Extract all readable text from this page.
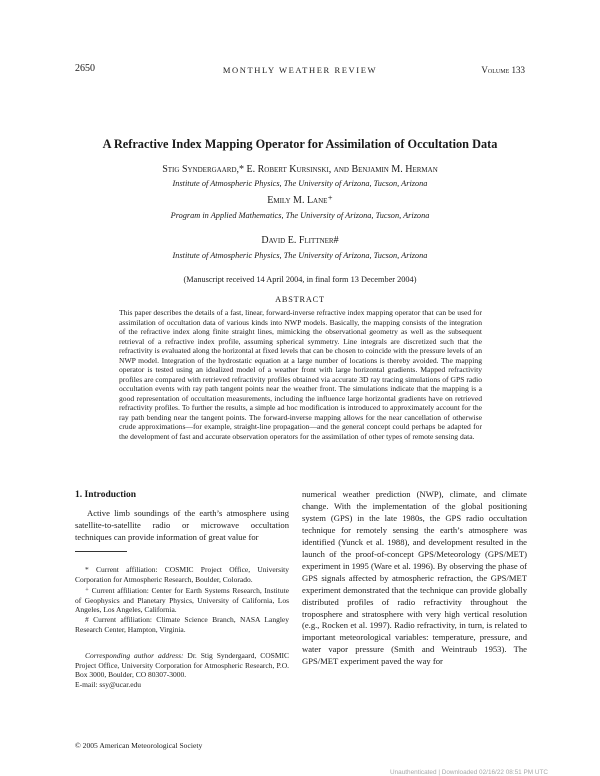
2650	MONTHLY WEATHER REVIEW	Volume 133
A Refractive Index Mapping Operator for Assimilation of Occultation Data
Stig Syndergaard,* E. Robert Kursinski, and Benjamin M. Herman
Institute of Atmospheric Physics, The University of Arizona, Tucson, Arizona
Emily M. Lane⁺
Program in Applied Mathematics, The University of Arizona, Tucson, Arizona
David E. Flittner#
Institute of Atmospheric Physics, The University of Arizona, Tucson, Arizona
(Manuscript received 14 April 2004, in final form 13 December 2004)
ABSTRACT
This paper describes the details of a fast, linear, forward-inverse refractive index mapping operator that can be used for assimilation of occultation data of various kinds into NWP models. Basically, the mapping consists of the integration of the refractive index along finite straight lines, mimicking the observational geometry as well as the subsequent retrieval of a refractive index profile, assuming spherical symmetry. Line integrals are discretized such that the refractivity is evaluated along the horizontal at fixed levels that can be chosen to coincide with the pressure levels of an NWP model. Integration of the hydrostatic equation at a large number of locations is thereby avoided. The mapping operator is tested using an idealized model of a weather front with large horizontal gradients. Mapped refractivity profiles are compared with retrieved refractivity profiles obtained via accurate 3D ray tracing simulations of GPS radio occultation events with ray path tangent points near the weather front. The simulations indicate that the mapping is a good representation of occultation measurements, including the influence large horizontal gradients have on retrieved refractivity profiles. To further the results, a simple ad hoc modification is introduced to approximately account for the ray path bending near the tangent points. The forward-inverse mapping allows for the near cancellation of otherwise crude approximations—for example, straight-line propagation—and the general concept could perhaps be adapted for the development of fast and accurate observation operators for the assimilation of other types of remote sensing data.
1. Introduction
Active limb soundings of the earth’s atmosphere using satellite-to-satellite radio or microwave occultation techniques can provide information of great value for
* Current affiliation: COSMIC Project Office, University Corporation for Atmospheric Research, Boulder, Colorado.
⁺ Current affiliation: Center for Earth Systems Research, Institute of Geophysics and Planetary Physics, University of California, Los Angeles, Los Angeles, California.
# Current affiliation: Climate Science Branch, NASA Langley Research Center, Hampton, Virginia.
Corresponding author address: Dr. Stig Syndergaard, COSMIC Project Office, University Corporation for Atmospheric Research, P.O. Box 3000, Boulder, CO 80307-3000.
E-mail: ssy@ucar.edu
numerical weather prediction (NWP), climate, and climate change. With the implementation of the global positioning system (GPS) in the late 1980s, the GPS radio occultation technique for remotely sensing the earth’s atmosphere was identified (Yunck et al. 1988), and development resulted in the launch of the proof-of-concept GPS/Meteorology (GPS/MET) experiment in 1995 (Ware et al. 1996). By observing the phase of GPS signals affected by atmospheric refraction, the GPS/MET experiment demonstrated that the technique can provide globally distributed profiles of radio refractivity throughout the troposphere and stratosphere with very high vertical resolution (e.g., Rocken et al. 1997). Radio refractivity, in turn, is related to important meteorological variables: temperature, pressure, and water vapor pressure (Smith and Weintraub 1953). The GPS/MET experiment paved the way for
© 2005 American Meteorological Society
Unauthenticated | Downloaded 02/16/22 08:51 PM UTC
